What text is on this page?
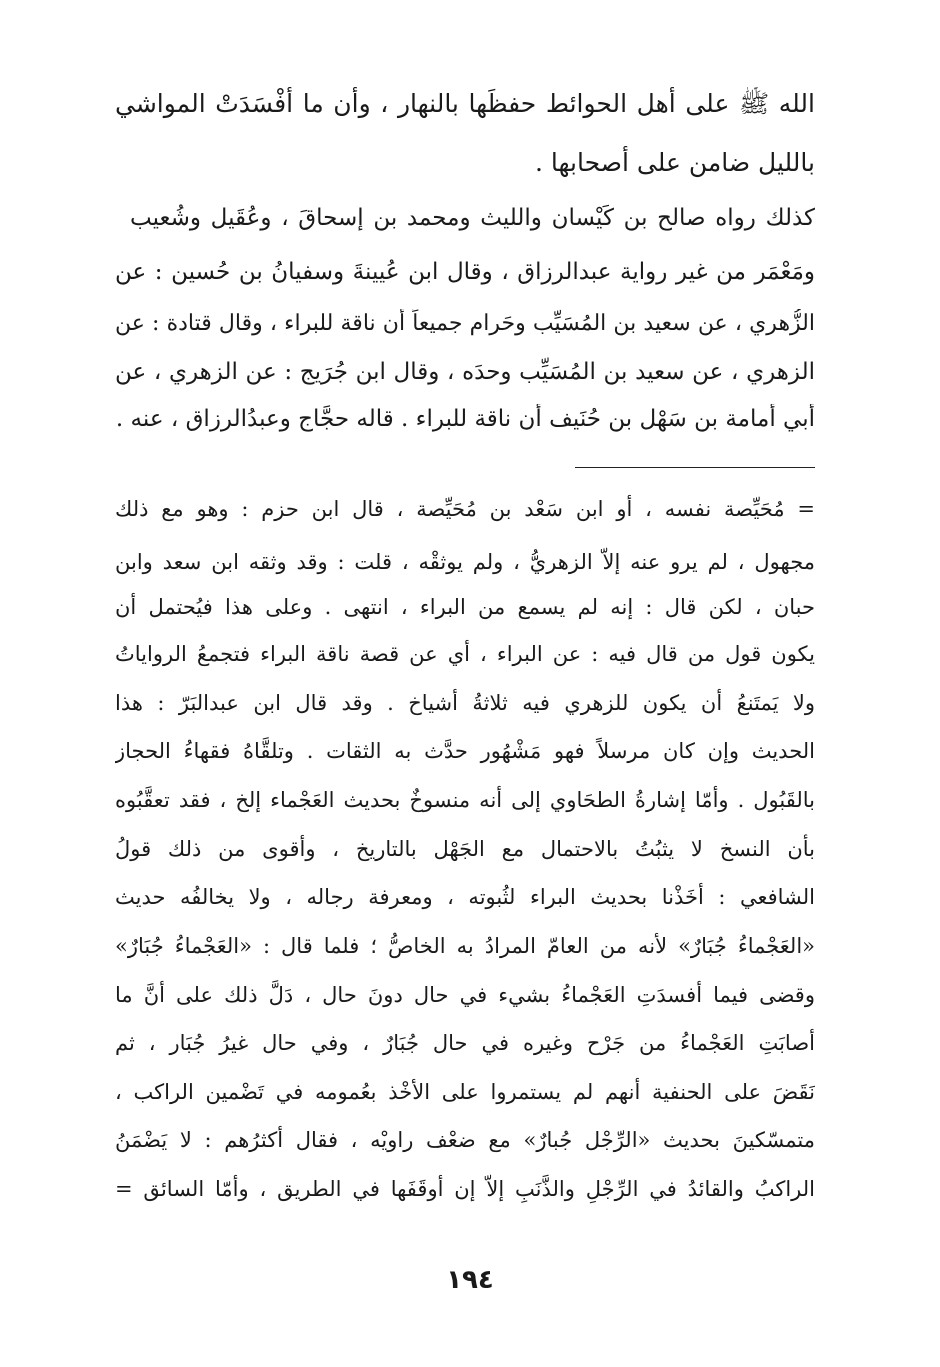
الله ﷺ على أهل الحوائط حفظَها بالنهار ، وأن ما أَفْسَدَتْ المواشي
بالليل ضامن على أصحابها .
كذلك رواه صالح بن كَيْسان والليث ومحمد بن إسحاقَ ، وعُقَيل وشُعيب
ومَعْمَر من غير رواية عبدالرزاق ، وقال ابن عُيينةَ وسفيانُ بن حُسين : عن
الزُّهري ، عن سعيد بن المُسَيِّب وحَرام جميعاً أن ناقة للبراء ، وقال قتادة : عن
الزهري ، عن سعيد بن المُسَيِّب وحدَه ، وقال ابن جُرَيج : عن الزهري ، عن
أبي أُمامة بن سَهْل بن حُنَيف أن ناقة للبراء . قاله حجَّاج وعبدُالرزاق ، عنه .
= مُحَيِّصة نفسه ، أو ابن سَعْد بن مُحَيِّصة ، قال ابن حزم : وهو مع ذلك
مجهول ، لم يرو عنه إلاّ الزهريُّ ، ولم يوثقْه ، قلت : وقد وثقه ابن سعد وابن
حبان ، لكن قال : إنه لم يسمع من البراء ، انتهى . وعلى هذا فيُحتمل أن
يكون قول من قال فيه : عن البراء ، أي عن قصة ناقة البراء فتجمعُ الرواياتُ
ولا يَمتَنعُ أن يكون للزهري فيه ثلاثةُ أشياخ . وقد قال ابن عبدالبَرّ : هذا
الحديث وإن كان مرسلاً فهو مَشْهُور حدَّث به الثقات . وتلقَّاهُ فقهاءُ الحجاز
بالقَبُول . وأمّا إشارةُ الطحَاوي إلى أنه منسوخٌ بحديث العَجْماء إلخ ، فقد تعقَّبُوه
بأن النسخ لا يثبُتُ بالاحتمال مع الجَهْل بالتاريخ ، وأقوى من ذلك قولُ
الشافعي : أخَذْنا بحديث البراء لثُبوته ، ومعرفة رجاله ، ولا يخالفُه حديث
«العَجْماءُ جُبَارٌ» لأنه من العامّ المرادُ به الخاصُّ ؛ فلما قال : «العَجْماءُ جُبَارٌ»
وقضى فيما أفسدَتِ العَجْماءُ بشيء في حال دونَ حال ، دَلَّ ذلك على أنَّ ما
أصابَتِ العَجْماءُ من جَرْح وغيره في حال جُبَارٌ ، وفي حال غيرُ جُبَار ، ثم
نَقَضَ على الحنفية أنهم لم يستمروا على الأخْذ بعُمومه في تَضْمين الراكب ،
متمسّكينَ بحديث «الرِّجْل جُبارٌ» مع ضعْف راويْه ، فقال أكثرُهم : لا يَضْمَنُ
الراكبُ والقائدُ في الرِّجْلِ والذَّنَبِ إلاّ إن أوقَفَها في الطريق ، وأمّا السائق =
١٩٤
